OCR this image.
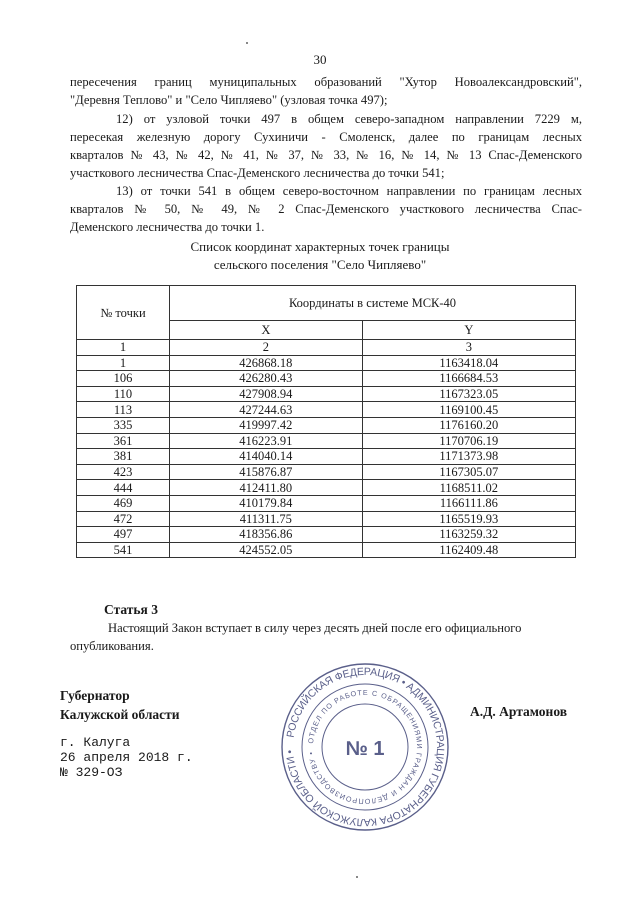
30
пересечения границ муниципальных образований "Хутор Новоалександровский",
"Деревня Теплово" и "Село Чипляево" (узловая точка 497);
12) от узловой точки 497 в общем северо-западном направлении 7229 м,
пересекая железную дорогу Сухиничи - Смоленск, далее по границам лесных
кварталов № 43, № 42, № 41, № 37, № 33, № 16, № 14, № 13 Спас-Деменского
участкового лесничества Спас-Деменского лесничества до точки 541;
13) от точки 541 в общем северо-восточном направлении по границам лесных
кварталов № 50, № 49, № 2 Спас-Деменского участкового лесничества Спас-
Деменского лесничества до точки 1.
Список координат характерных точек границы
сельского поселения "Село Чипляево"
№ точки	Координаты в системе МСК-40	
	X	Y
1	2	3
1	426868.18	1163418.04
106	426280.43	1166684.53
110	427908.94	1167323.05
113	427244.63	1169100.45
335	419997.42	1176160.20
361	416223.91	1170706.19
381	414040.14	1171373.98
423	415876.87	1167305.07
444	412411.80	1168511.02
469	410179.84	1166111.86
472	411311.75	1165519.93
497	418356.86	1163259.32
541	424552.05	1162409.48
Статья 3
Настоящий Закон вступает в силу через десять дней после его официального опубликования.
Губернатор
Калужской области	А.Д. Артамонов
г. Калуга
26 апреля 2018 г.
№ 329-ОЗ
РОССИЙСКАЯ ФЕДЕРАЦИЯ • АДМИНИСТРАЦИЯ ГУБЕРНАТОРА КАЛУЖСКОЙ ОБЛАСТИ •
ОТДЕЛ ПО РАБОТЕ С ОБРАЩЕНИЯМИ ГРАЖДАН И ДЕЛОПРОИЗВОДСТВУ •	№ 1
